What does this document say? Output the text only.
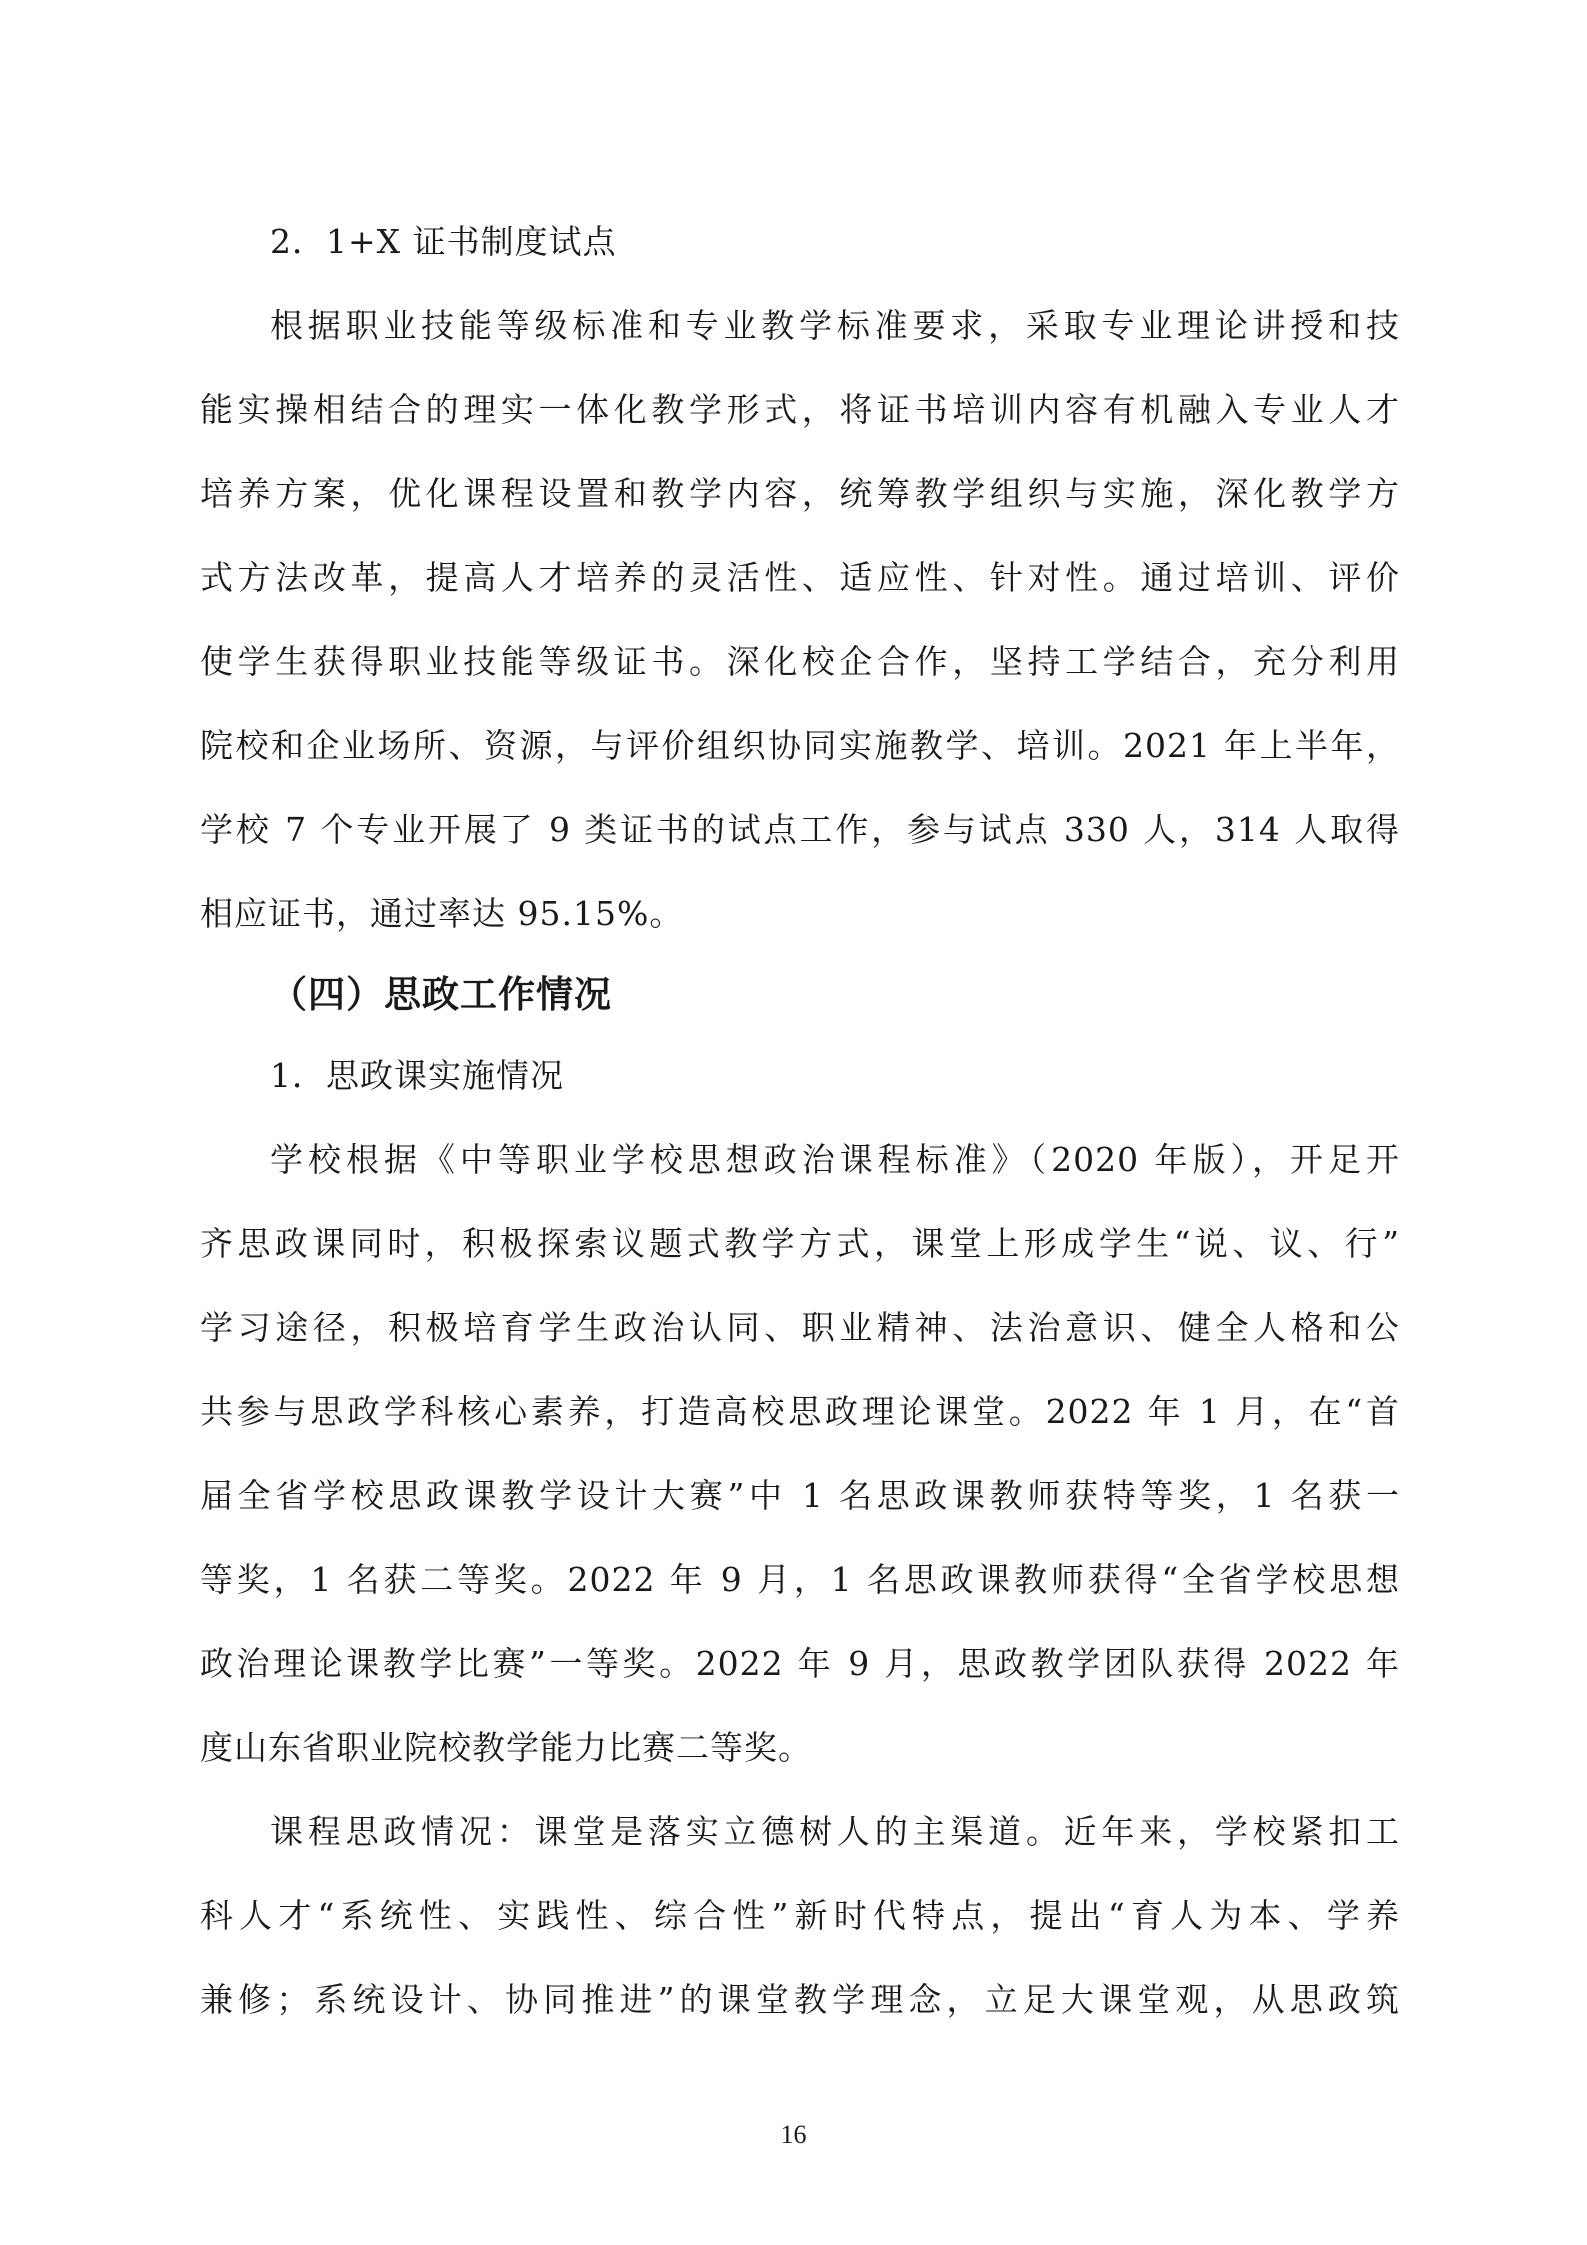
2．1+X 证书制度试点

根据职业技能等级标准和专业教学标准要求，采取专业理论讲授和技

能实操相结合的理实一体化教学形式，将证书培训内容有机融入专业人才

培养方案，优化课程设置和教学内容，统筹教学组织与实施，深化教学方

式方法改革，提高人才培养的灵活性、适应性、针对性。通过培训、评价

使学生获得职业技能等级证书。深化校企合作，坚持工学结合，充分利用

院校和企业场所、资源，与评价组织协同实施教学、培训。2021 年上半年，

学校 7 个专业开展了 9 类证书的试点工作，参与试点 330 人，314 人取得

相应证书，通过率达 95.15%。

（四）思政工作情况

1．思政课实施情况

学校根据《中等职业学校思想政治课程标准》（2020 年版），开足开

齐思政课同时，积极探索议题式教学方式，课堂上形成学生“说、议、行”

学习途径，积极培育学生政治认同、职业精神、法治意识、健全人格和公

共参与思政学科核心素养，打造高校思政理论课堂。2022 年 1 月，在“首

届全省学校思政课教学设计大赛”中 1 名思政课教师获特等奖，1 名获一

等奖，1 名获二等奖。2022 年 9 月，1 名思政课教师获得“全省学校思想

政治理论课教学比赛”一等奖。2022 年 9 月，思政教学团队获得 2022 年

度山东省职业院校教学能力比赛二等奖。

课程思政情况：课堂是落实立德树人的主渠道。近年来，学校紧扣工

科人才“系统性、实践性、综合性”新时代特点，提出“育人为本、学养

兼修；系统设计、协同推进”的课堂教学理念，立足大课堂观，从思政筑

16
